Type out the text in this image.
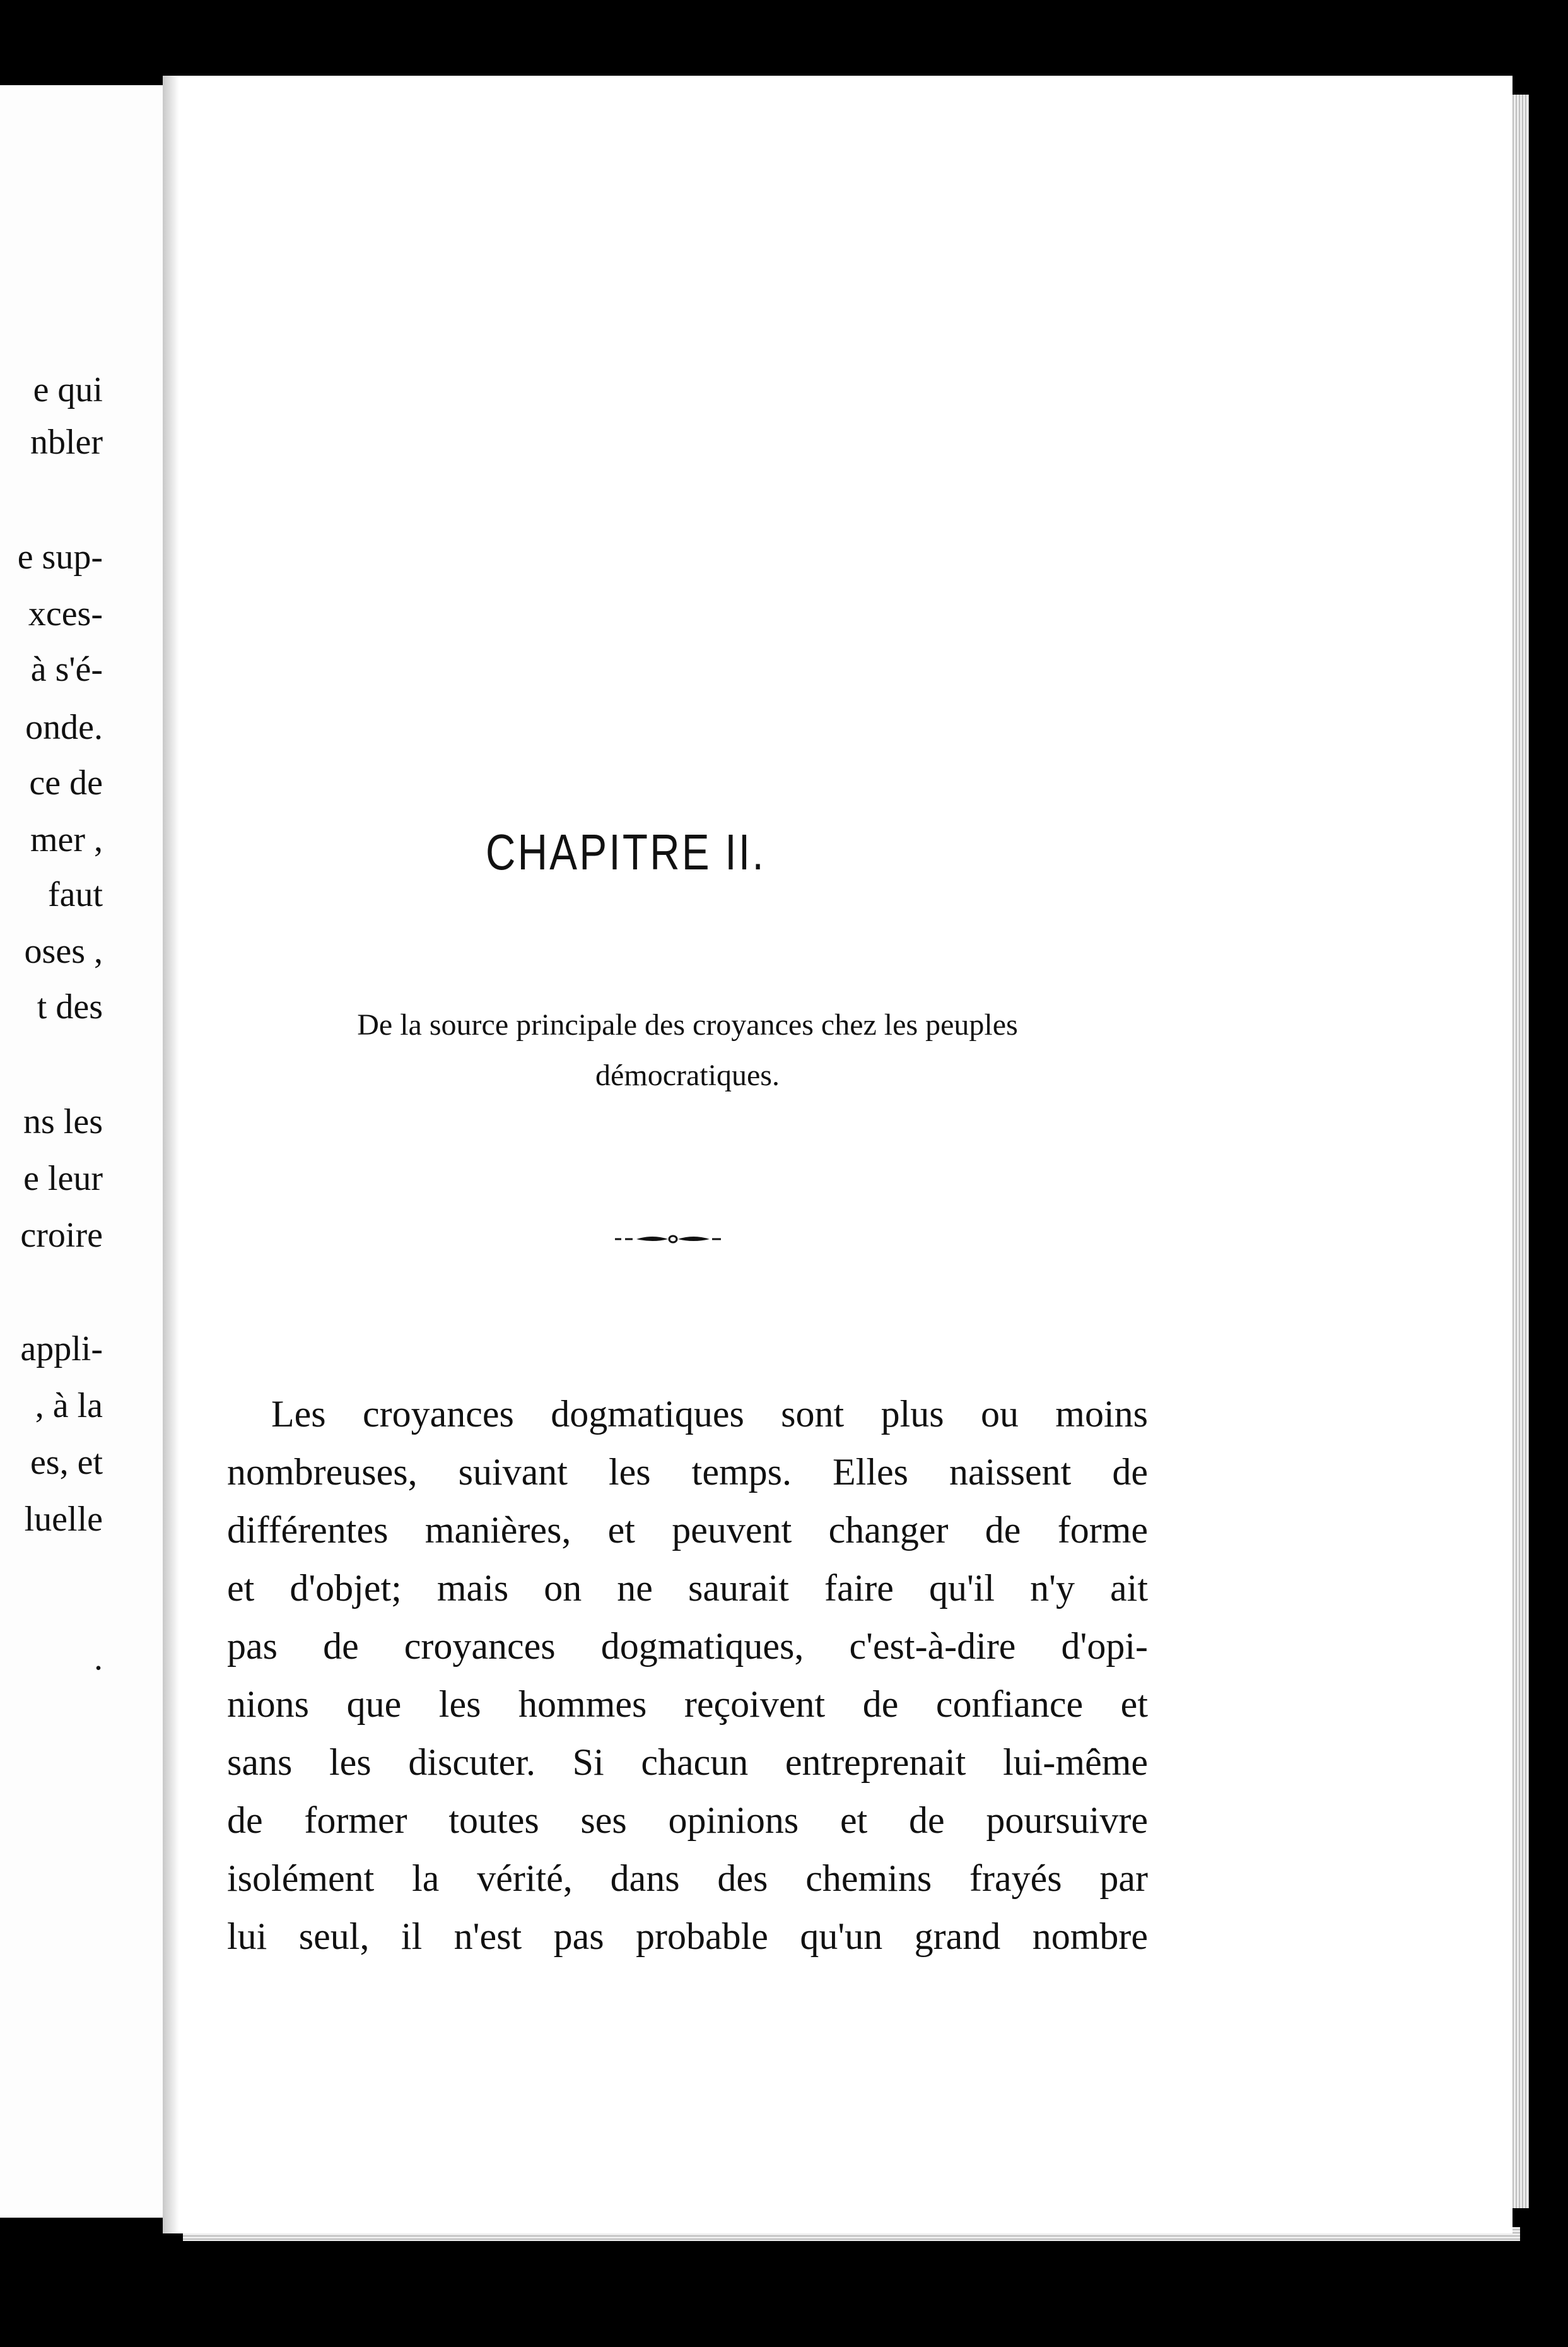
e qui
nbler
e sup-
xces-
à s'é-
onde.
ce de
mer ,
faut
oses ,
t des
ns les
e leur
croire
appli-
, à la
es, et
luelle
.
CHAPITRE II.
De la source principale des croyances chez les peuples
démocratiques.
Les croyances dogmatiques sont plus ou moins
nombreuses, suivant les temps. Elles naissent de
différentes manières, et peuvent changer de forme
et d'objet; mais on ne saurait faire qu'il n'y ait
pas de croyances dogmatiques, c'est-à-dire d'opi-
nions que les hommes reçoivent de confiance et
sans les discuter. Si chacun entreprenait lui-même
de former toutes ses opinions et de poursuivre
isolément la vérité, dans des chemins frayés par
lui seul, il n'est pas probable qu'un grand nombre
